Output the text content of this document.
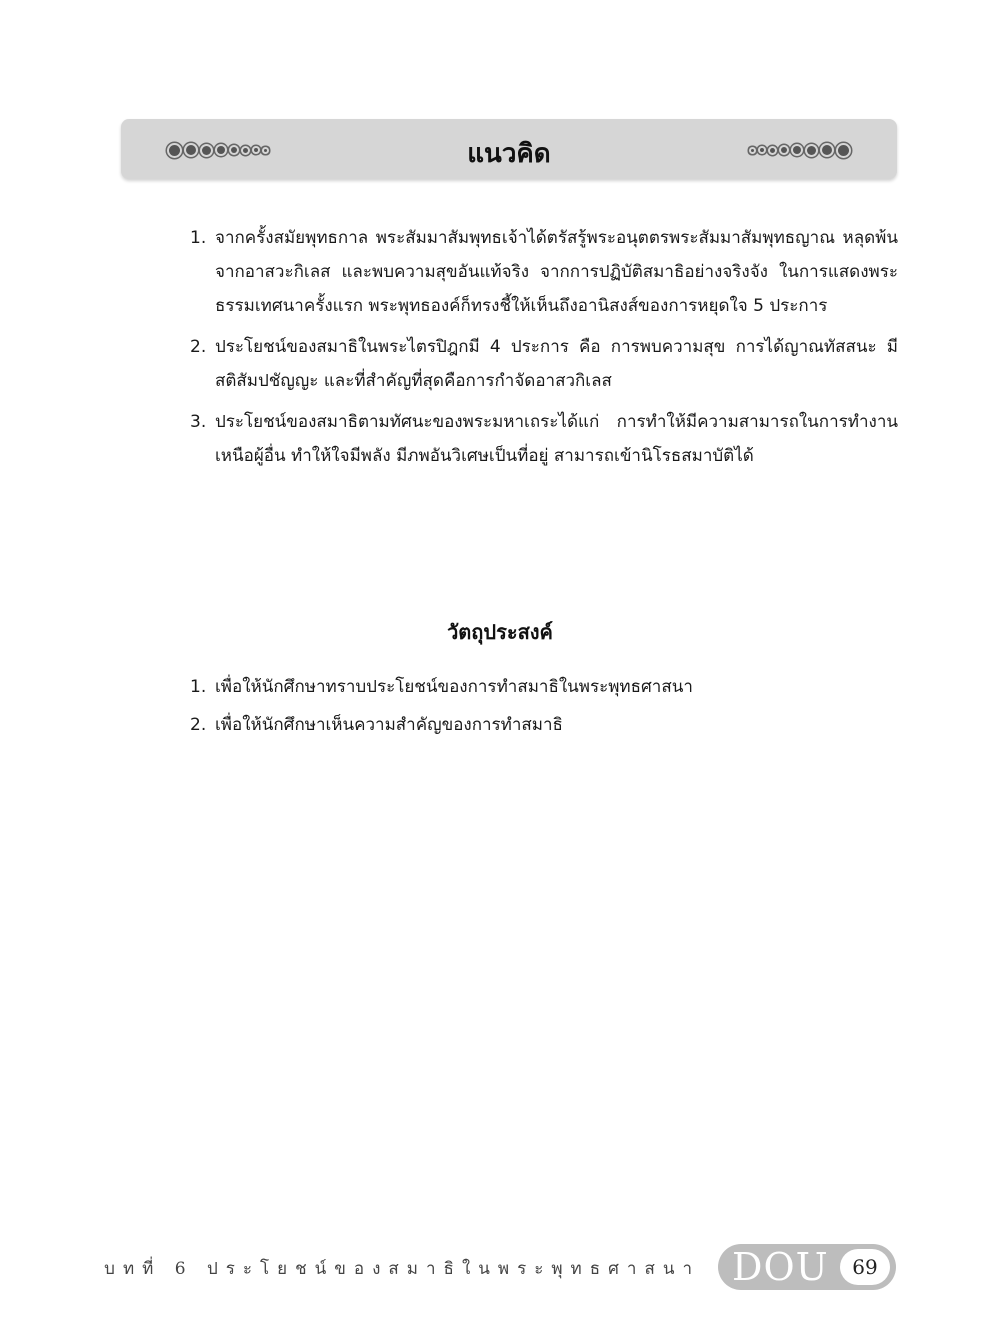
แนวคิด
1. จากครั้งสมัยพุทธกาล พระสัมมาสัมพุทธเจ้าได้ตรัสรู้พระอนุตตรพระสัมมาสัมพุทธญาณ หลุดพ้นจากอาสวะกิเลส และพบความสุขอันแท้จริง จากการปฏิบัติสมาธิอย่างจริงจัง ในการแสดงพระธรรมเทศนาครั้งแรก พระพุทธองค์ก็ทรงชี้ให้เห็นถึงอานิสงส์ของการหยุดใจ 5 ประการ
2. ประโยชน์ของสมาธิในพระไตรปิฎกมี 4 ประการ คือ การพบความสุข การได้ญาณทัสสนะ มีสติสัมปชัญญะ และที่สำคัญที่สุดคือการกำจัดอาสวกิเลส
3. ประโยชน์ของสมาธิตามทัศนะของพระมหาเถระได้แก่ การทำให้มีความสามารถในการทำงานเหนือผู้อื่น ทำให้ใจมีพลัง มีภพอันวิเศษเป็นที่อยู่ สามารถเข้านิโรธสมาบัติได้
วัตถุประสงค์
1. เพื่อให้นักศึกษาทราบประโยชน์ของการทำสมาธิในพระพุทธศาสนา
2. เพื่อให้นักศึกษาเห็นความสำคัญของการทำสมาธิ
บทที่ 6 ประโยชน์ของสมาธิในพระพุทธศาสนา DOU	69
